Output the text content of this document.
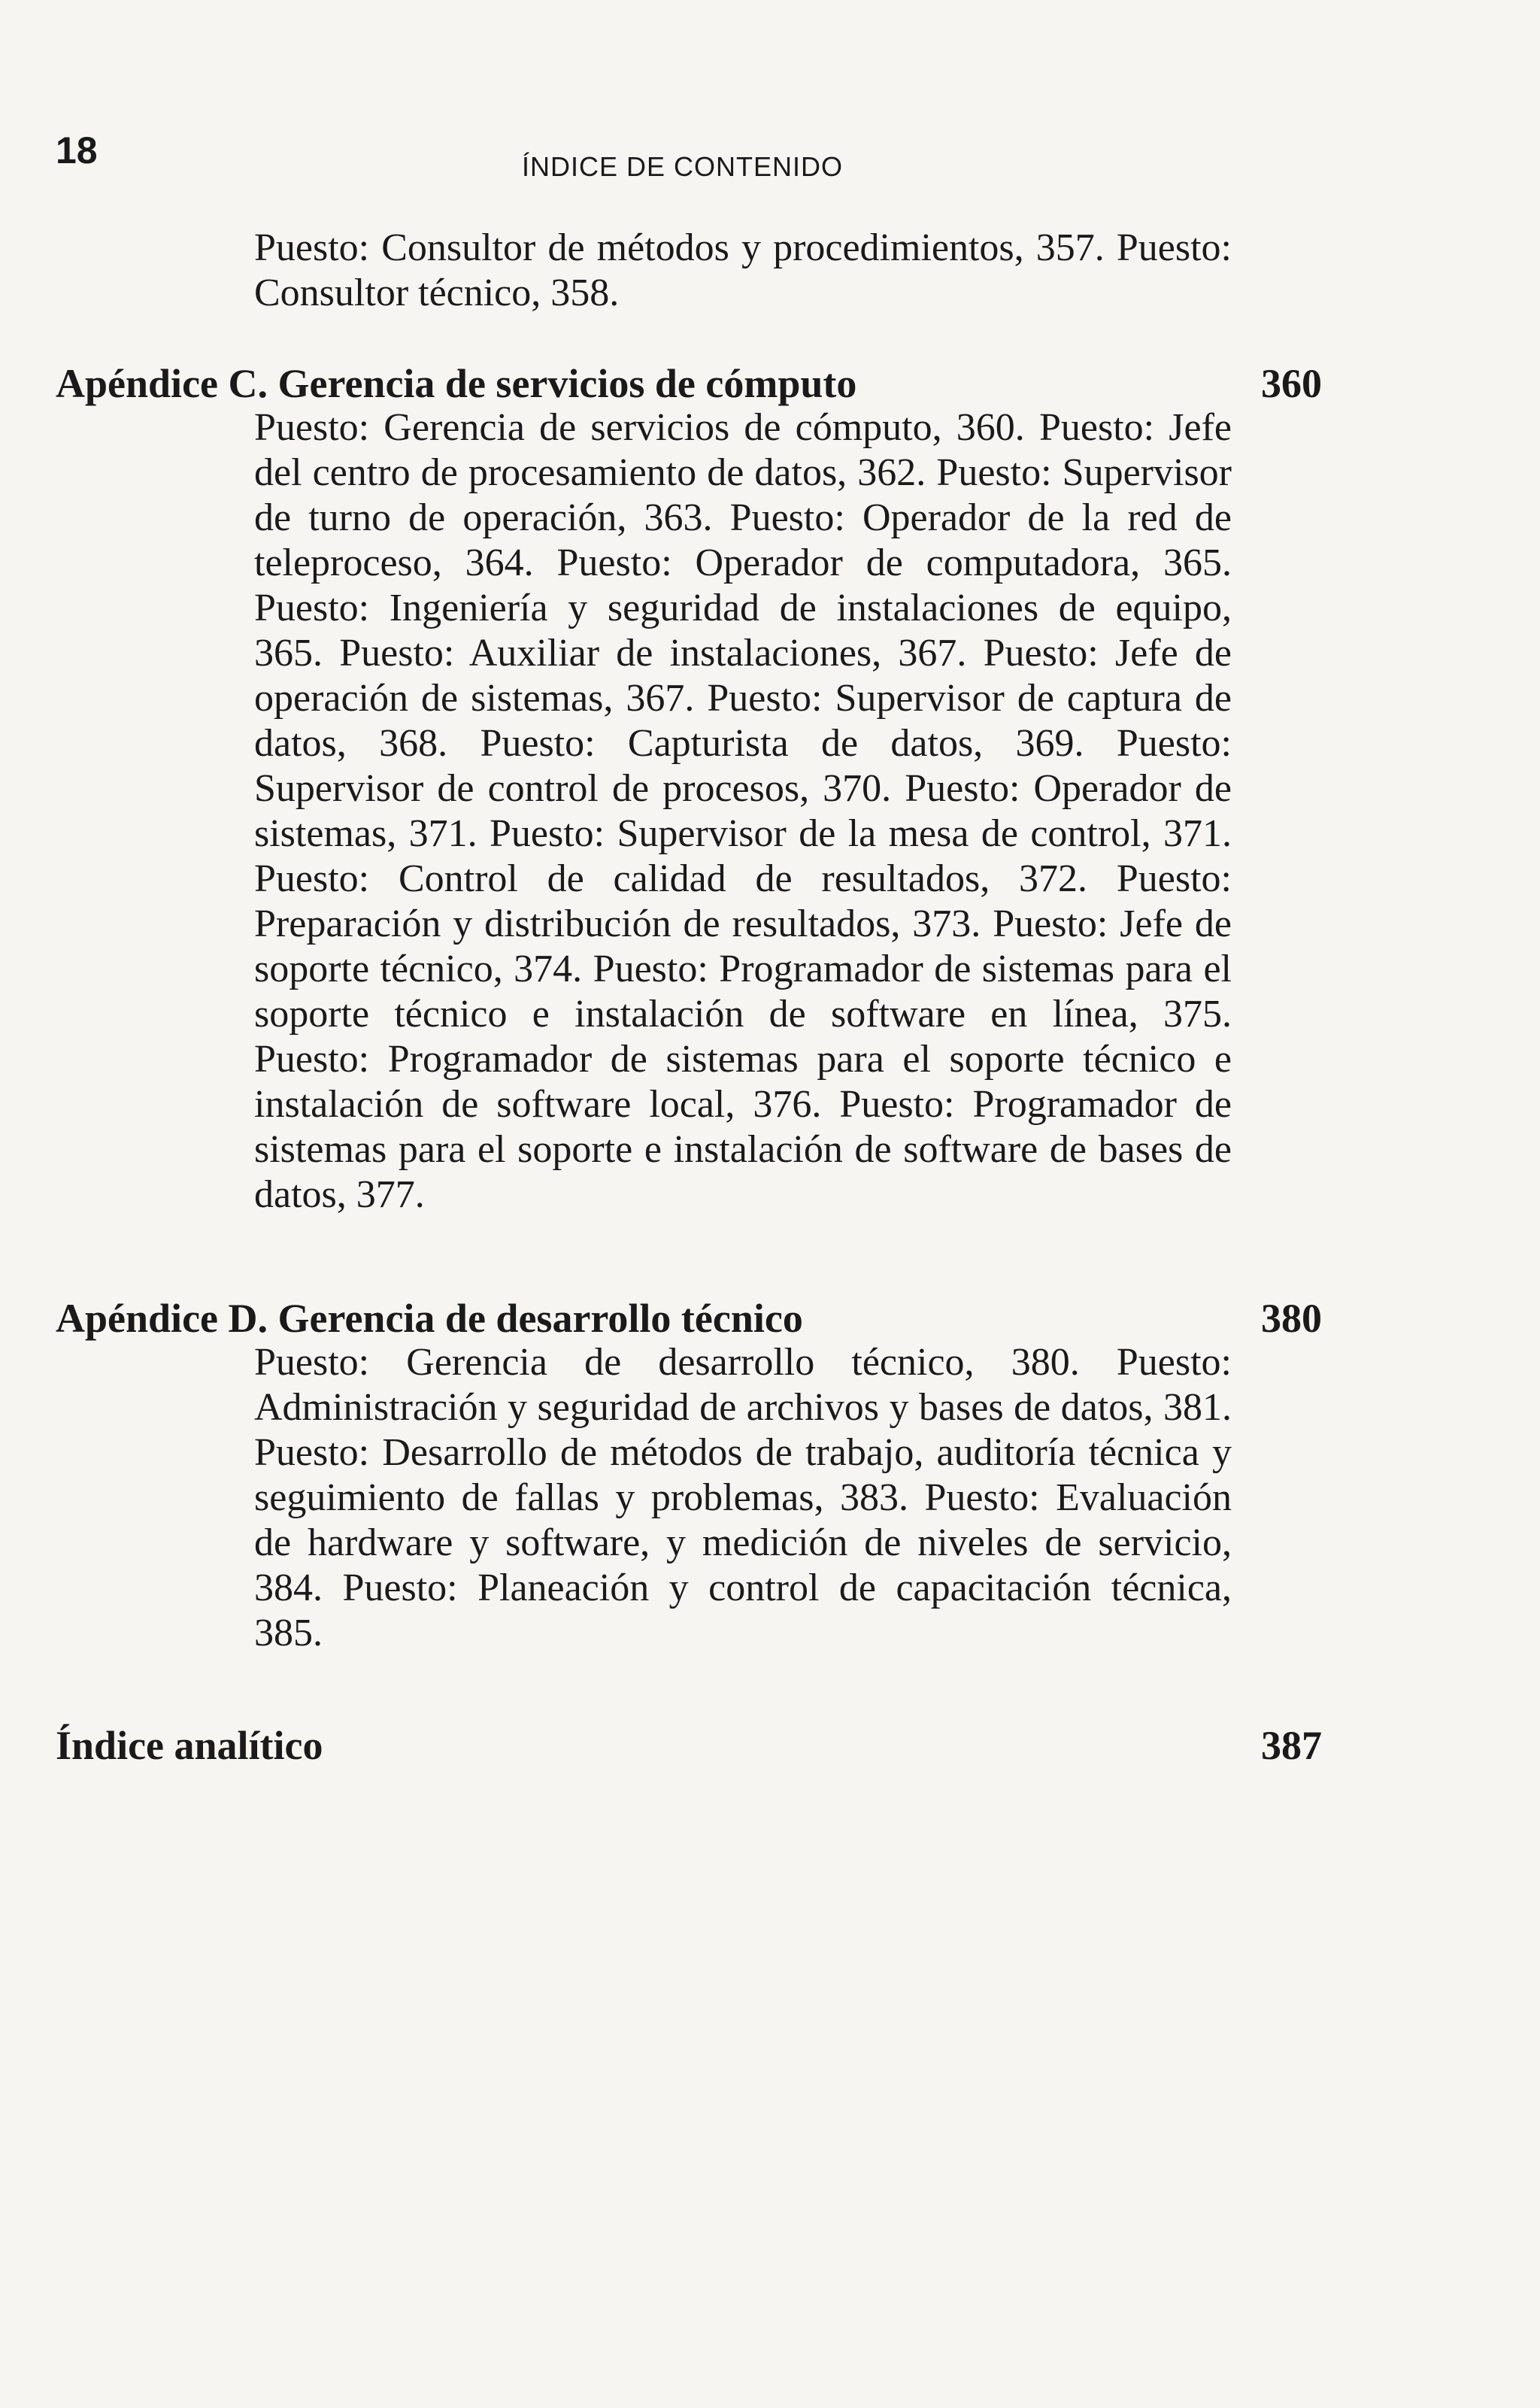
18	ÍNDICE DE CONTENIDO

Puesto: Consultor de métodos y procedimientos, 357. Puesto: Consultor técnico, 358.

Apéndice C. Gerencia de servicios de cómputo	360

Puesto: Gerencia de servicios de cómputo, 360. Puesto: Jefe del centro de procesamiento de datos, 362. Puesto: Supervisor de turno de operación, 363. Puesto: Operador de la red de teleproceso, 364. Puesto: Operador de computadora, 365. Puesto: Ingeniería y seguridad de instalaciones de equipo, 365. Puesto: Auxiliar de instalaciones, 367. Puesto: Jefe de operación de sistemas, 367. Puesto: Supervisor de captura de datos, 368. Puesto: Capturista de datos, 369. Puesto: Supervisor de control de procesos, 370. Puesto: Operador de sistemas, 371. Puesto: Supervisor de la mesa de control, 371. Puesto: Control de calidad de resultados, 372. Puesto: Preparación y distribución de resultados, 373. Puesto: Jefe de soporte técnico, 374. Puesto: Programador de sistemas para el soporte técnico e instalación de software en línea, 375. Puesto: Programador de sistemas para el soporte técnico e instalación de software local, 376. Puesto: Programador de sistemas para el soporte e instalación de software de bases de datos, 377.

Apéndice D. Gerencia de desarrollo técnico	380

Puesto: Gerencia de desarrollo técnico, 380. Puesto: Administración y seguridad de archivos y bases de datos, 381. Puesto: Desarrollo de métodos de trabajo, auditoría técnica y seguimiento de fallas y problemas, 383. Puesto: Evaluación de hardware y software, y medición de niveles de servicio, 384. Puesto: Planeación y control de capacitación técnica, 385.

Índice analítico	387
